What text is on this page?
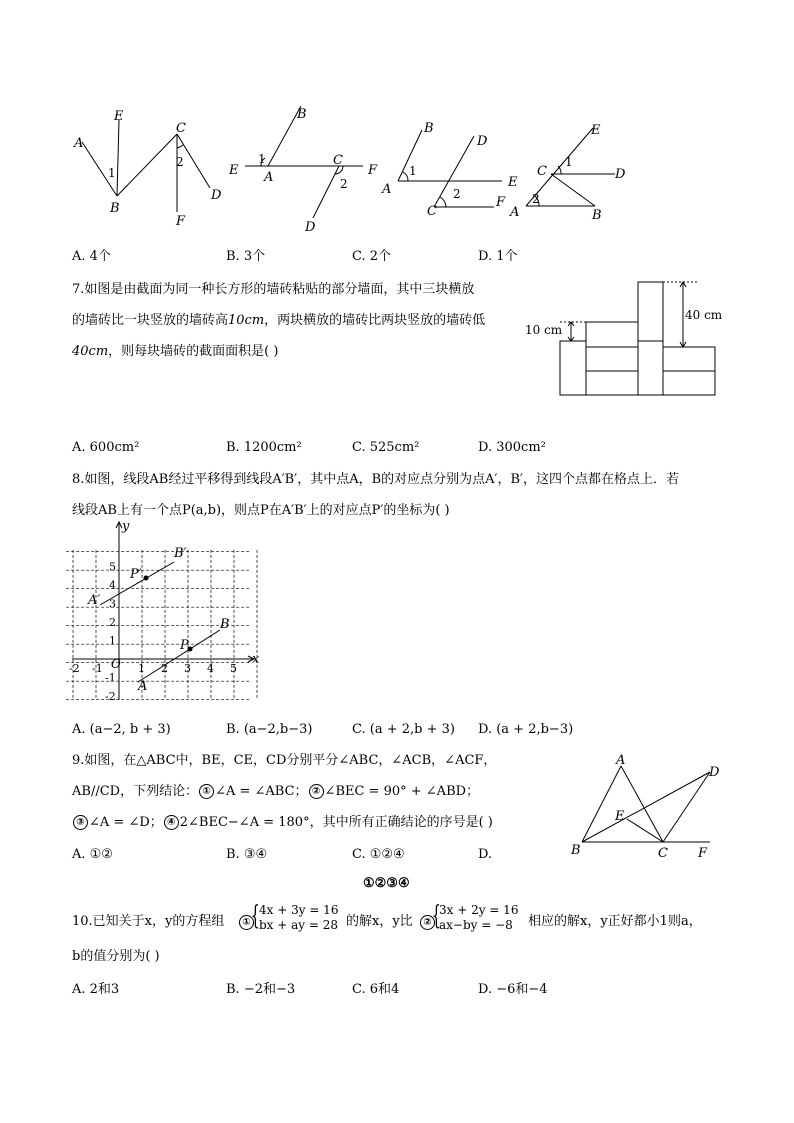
A
E
1
B
C
2
D
F
B
E
1
A
C
F
2
D
B
D
1
A	E
2
F
C
E
C
1
D
2
A	B
A. 4个	B. 3个	C. 2个	D. 1个
7.如图是由截面为同一种长方形的墙砖粘贴的部分墙面，其中三块横放
的墙砖比一块竖放的墙砖高10cm，两块横放的墙砖比两块竖放的墙砖低
40cm，则每块墙砖的截面面积是( )
40 cm
10 cm
A. 600cm²	B. 1200cm²	C. 525cm²	D. 300cm²
8.如图，线段AB经过平移得到线段A′B′，其中点A，B的对应点分别为点A′，B′，这四个点都在格点上．若
线段AB上有一个点P(a,b)，则点P在A′B′上的对应点P′的坐标为( )
-2 -1	1 2 3 4 5
5
4
3
2
1
-1
-2
y
x
O
B′
P′
A′
P
B
A
A. (a−2, b + 3)	B. (a−2,b−3)	C. (a + 2,b + 3) D. (a + 2,b−3)
9.如图，在△ABC中，BE，CE，CD分别平分∠ABC，∠ACB，∠ACF，
AB//CD，下列结论： ① ∠A = ∠ABC； ② ∠BEC = 90° + ∠ABD；
③ ∠A = ∠D； ④ 2∠BEC−∠A = 180°，其中所有正确结论的序号是( )
A. ①②	B. ③④	C. ①②④	D.
①②③④
A
D
E
B	C F
10.已知关于x，y的方程组	① { 4x + 3y = 16
bx + ay = 28 的解x，y比	② {
3x + 2y = 16
ax−by = −8 相应的解x，y正好都小1则a，
b的值分别为( )
A. 2和3	B. −2和−3	C. 6和4	D. −6和−4
